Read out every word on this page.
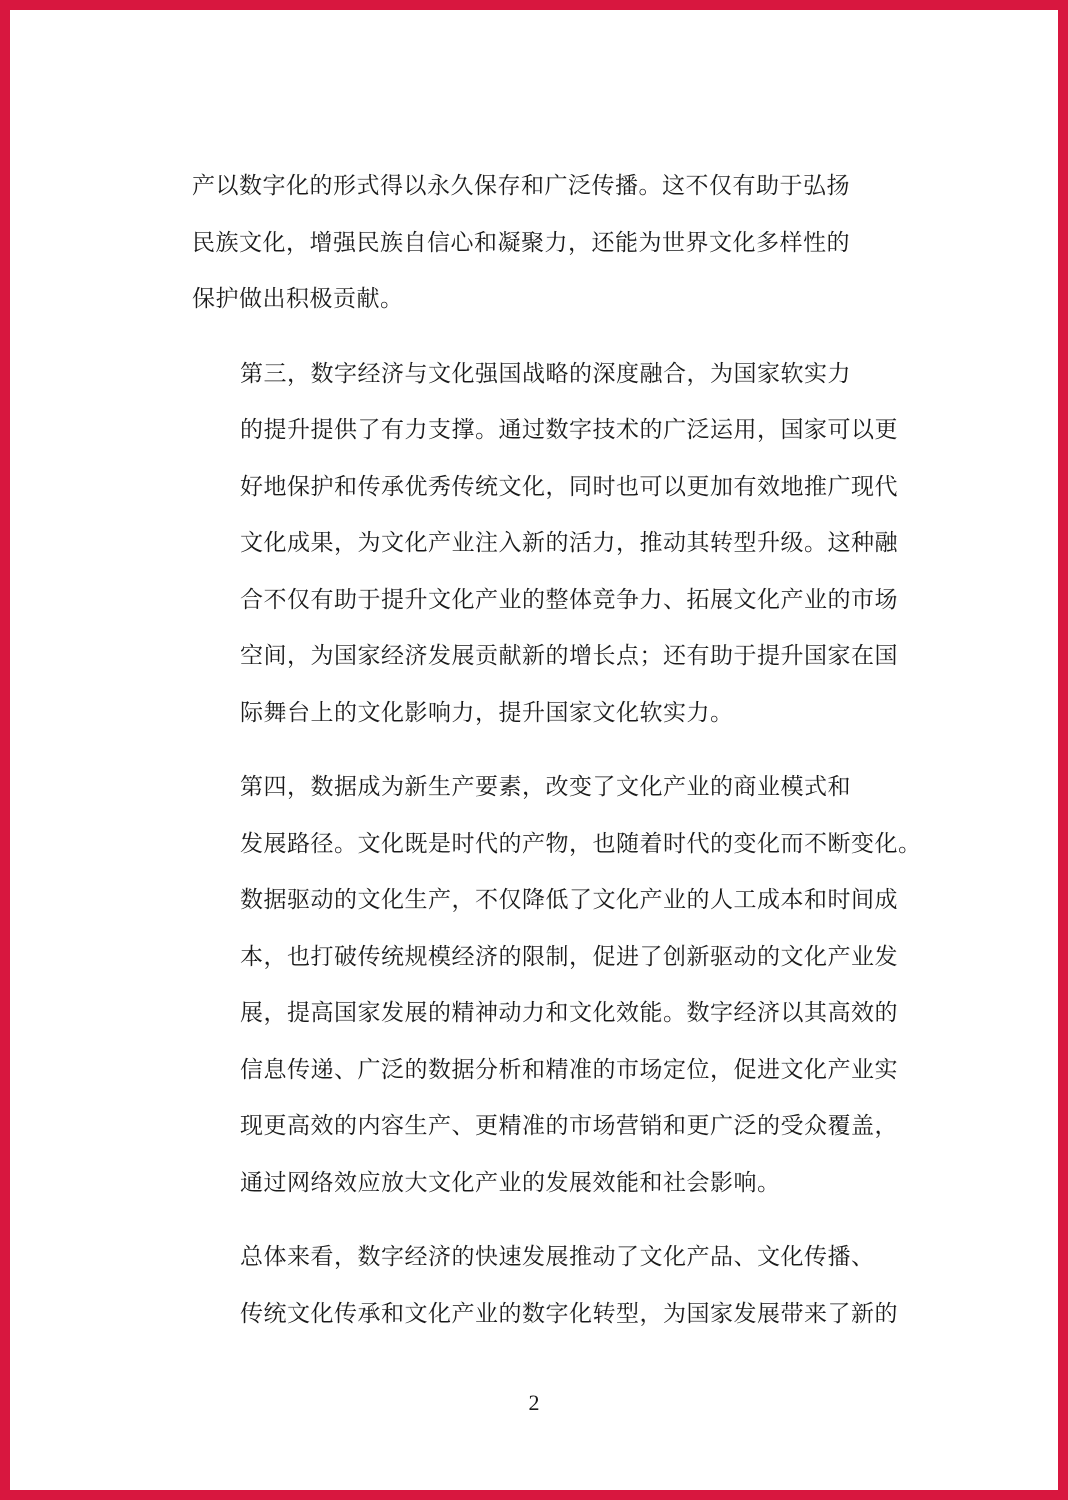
产以数字化的形式得以永久保存和广泛传播。这不仅有助于弘扬
民族文化，增强民族自信心和凝聚力，还能为世界文化多样性的
保护做出积极贡献。

第三，数字经济与文化强国战略的深度融合，为国家软实力
的提升提供了有力支撑。通过数字技术的广泛运用，国家可以更
好地保护和传承优秀传统文化，同时也可以更加有效地推广现代
文化成果，为文化产业注入新的活力，推动其转型升级。这种融
合不仅有助于提升文化产业的整体竞争力、拓展文化产业的市场
空间，为国家经济发展贡献新的增长点；还有助于提升国家在国
际舞台上的文化影响力，提升国家文化软实力。

第四，数据成为新生产要素，改变了文化产业的商业模式和
发展路径。文化既是时代的产物，也随着时代的变化而不断变化。
数据驱动的文化生产，不仅降低了文化产业的人工成本和时间成
本，也打破传统规模经济的限制，促进了创新驱动的文化产业发
展，提高国家发展的精神动力和文化效能。数字经济以其高效的
信息传递、广泛的数据分析和精准的市场定位，促进文化产业实
现更高效的内容生产、更精准的市场营销和更广泛的受众覆盖，
通过网络效应放大文化产业的发展效能和社会影响。

总体来看，数字经济的快速发展推动了文化产品、文化传播、
传统文化传承和文化产业的数字化转型，为国家发展带来了新的

2
